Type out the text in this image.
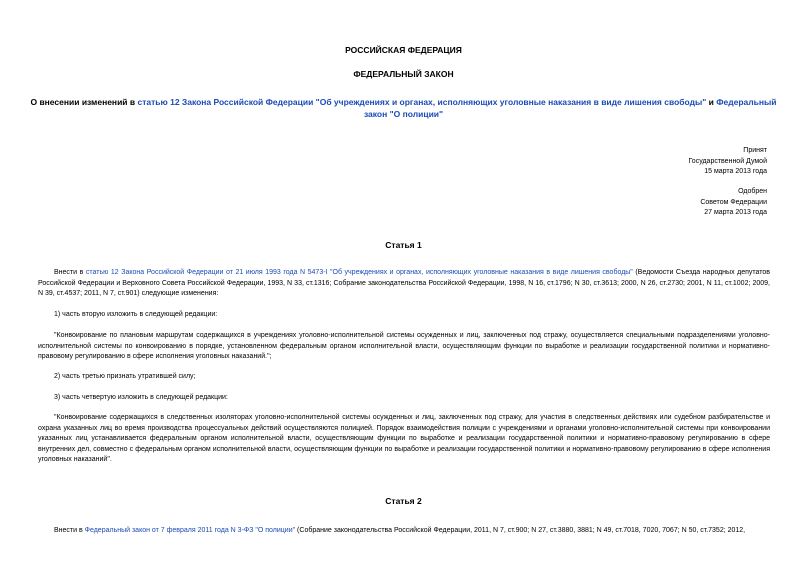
РОССИЙСКАЯ ФЕДЕРАЦИЯ
ФЕДЕРАЛЬНЫЙ ЗАКОН
О внесении изменений в статью 12 Закона Российской Федерации "Об учреждениях и органах, исполняющих уголовные наказания в виде лишения свободы" и Федеральный закон "О полиции"
Принят
Государственной Думой
15 марта 2013 года
Одобрен
Советом Федерации
27 марта 2013 года
Статья 1
Внести в статью 12 Закона Российской Федерации от 21 июля 1993 года N 5473-I "Об учреждениях и органах, исполняющих уголовные наказания в виде лишения свободы" (Ведомости Съезда народных депутатов Российской Федерации и Верховного Совета Российской Федерации, 1993, N 33, ст.1316; Собрание законодательства Российской Федерации, 1998, N 16, ст.1796; N 30, ст.3613; 2000, N 26, ст.2730; 2001, N 11, ст.1002; 2009, N 39, ст.4537; 2011, N 7, ст.901) следующие изменения:
1) часть вторую изложить в следующей редакции:
"Конвоирование по плановым маршрутам содержащихся в учреждениях уголовно-исполнительной системы осужденных и лиц, заключенных под стражу, осуществляется специальными подразделениями уголовно-исполнительной системы по конвоированию в порядке, установленном федеральным органом исполнительной власти, осуществляющим функции по выработке и реализации государственной политики и нормативно-правовому регулированию в сфере исполнения уголовных наказаний.";
2) часть третью признать утратившей силу;
3) часть четвертую изложить в следующей редакции:
"Конвоирование содержащихся в следственных изоляторах уголовно-исполнительной системы осужденных и лиц, заключенных под стражу, для участия в следственных действиях или судебном разбирательстве и охрана указанных лиц во время производства процессуальных действий осуществляются полицией. Порядок взаимодействия полиции с учреждениями и органами уголовно-исполнительной системы при конвоировании указанных лиц устанавливается федеральным органом исполнительной власти, осуществляющим функции по выработке и реализации государственной политики и нормативно-правовому регулированию в сфере внутренних дел, совместно с федеральным органом исполнительной власти, осуществляющим функции по выработке и реализации государственной политики и нормативно-правовому регулированию в сфере исполнения уголовных наказаний".
Статья 2
Внести в Федеральный закон от 7 февраля 2011 года N 3-ФЗ "О полиции" (Собрание законодательства Российской Федерации, 2011, N 7, ст.900; N 27, ст.3880, 3881; N 49, ст.7018, 7020, 7067; N 50, ст.7352; 2012,
